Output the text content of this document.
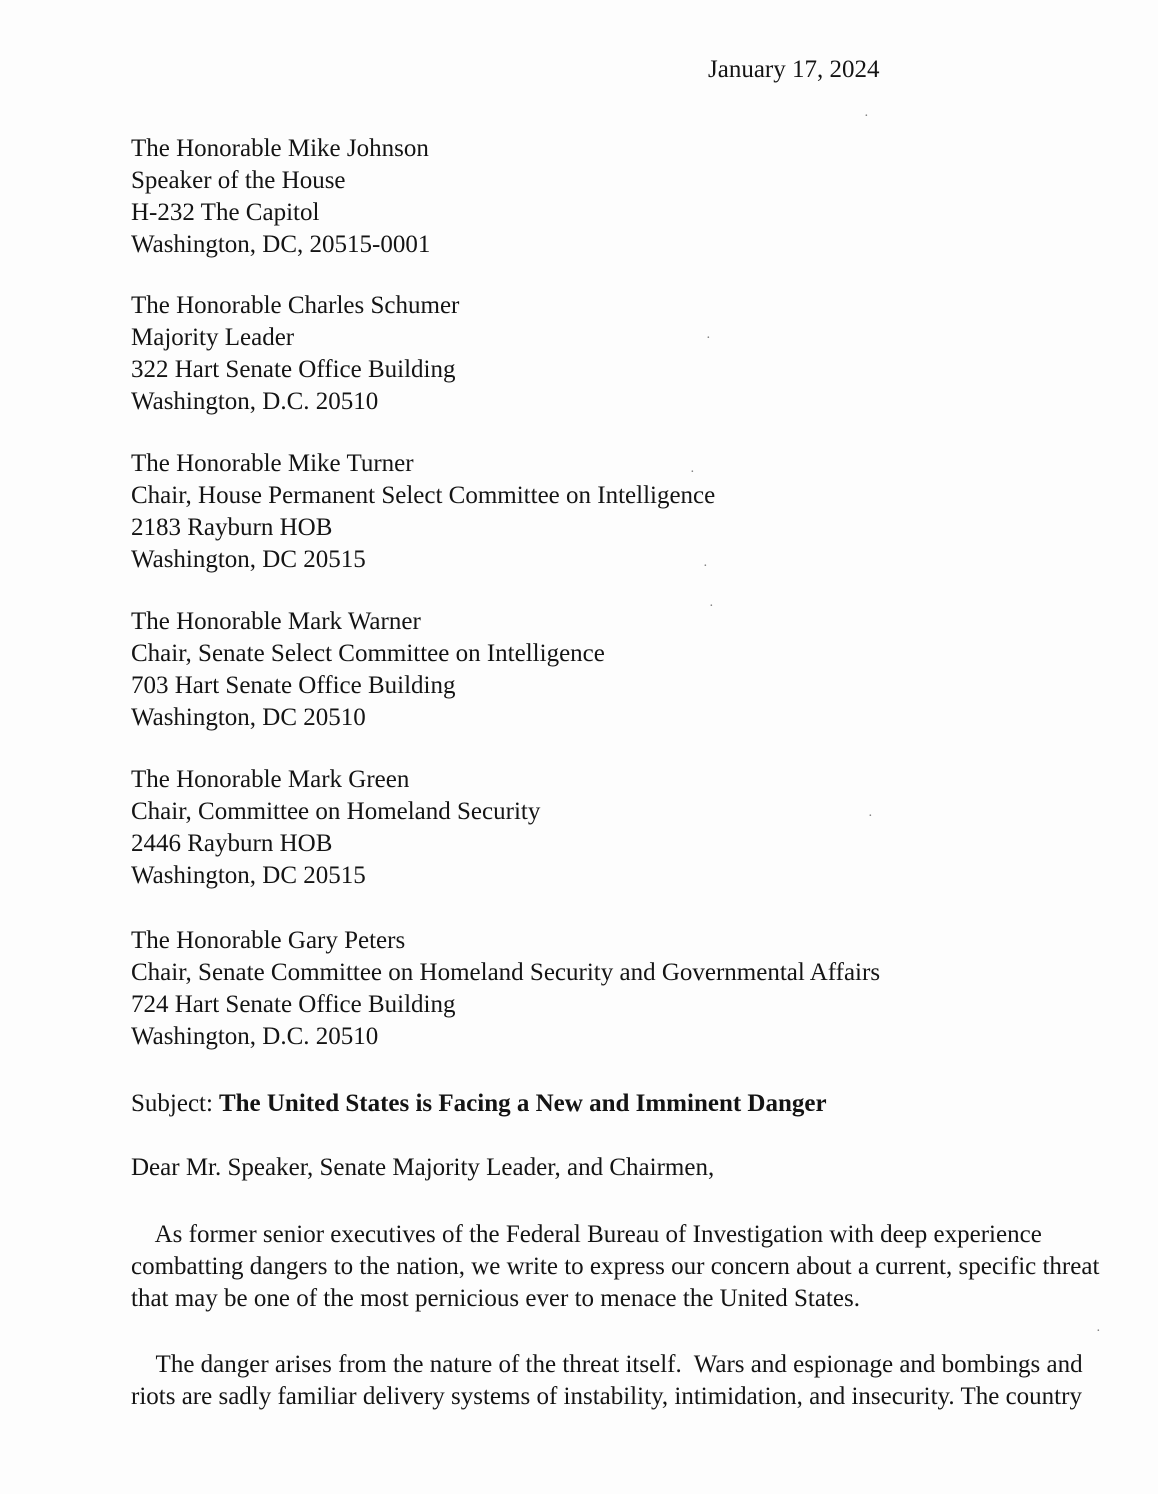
January 17, 2024
The Honorable Mike Johnson
Speaker of the House
H-232 The Capitol
Washington, DC, 20515-0001
The Honorable Charles Schumer
Majority Leader
322 Hart Senate Office Building
Washington, D.C. 20510
The Honorable Mike Turner
Chair, House Permanent Select Committee on Intelligence
2183 Rayburn HOB
Washington, DC 20515
The Honorable Mark Warner
Chair, Senate Select Committee on Intelligence
703 Hart Senate Office Building
Washington, DC 20510
The Honorable Mark Green
Chair, Committee on Homeland Security
2446 Rayburn HOB
Washington, DC 20515
The Honorable Gary Peters
Chair, Senate Committee on Homeland Security and Governmental Affairs
724 Hart Senate Office Building
Washington, D.C. 20510
Subject: The United States is Facing a New and Imminent Danger
Dear Mr. Speaker, Senate Majority Leader, and Chairmen,
As former senior executives of the Federal Bureau of Investigation with deep experience
combatting dangers to the nation, we write to express our concern about a current, specific threat
that may be one of the most pernicious ever to menace the United States.
The danger arises from the nature of the threat itself.  Wars and espionage and bombings and
riots are sadly familiar delivery systems of instability, intimidation, and insecurity. The country
·
·
·
·
·
·
·
